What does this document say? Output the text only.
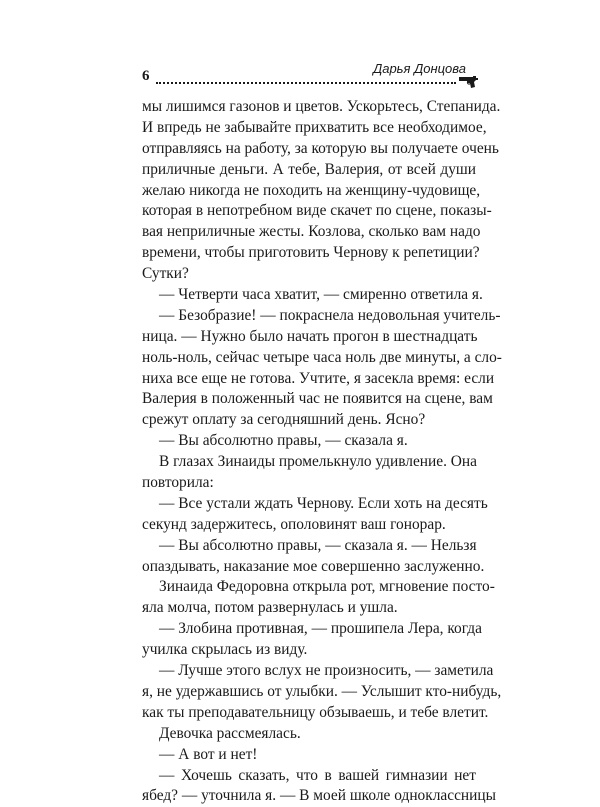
6	Дарья Донцова
мы лишимся газонов и цветов. Ускорьтесь, Степанида.
И впредь не забывайте прихватить все необходимое,
отправляясь на работу, за которую вы получаете очень
приличные деньги. А тебе, Валерия, от всей души
желаю никогда не походить на женщину-чудовище,
которая в непотребном виде скачет по сцене, показы-
вая неприличные жесты. Козлова, сколько вам надо
времени, чтобы приготовить Чернову к репетиции?
Сутки?
— Четверти часа хватит, — смиренно ответила я.
— Безобразие! — покраснела недовольная учитель-
ница. — Нужно было начать прогон в шестнадцать
ноль-ноль, сейчас четыре часа ноль две минуты, а сло-
ниха все еще не готова. Учтите, я засекла время: если
Валерия в положенный час не появится на сцене, вам
срежут оплату за сегодняшний день. Ясно?
— Вы абсолютно правы, — сказала я.
В глазах Зинаиды промелькнуло удивление. Она
повторила:
— Все устали ждать Чернову. Если хоть на десять
секунд задержитесь, ополовинят ваш гонорар.
— Вы абсолютно правы, — сказала я. — Нельзя
опаздывать, наказание мое совершенно заслуженно.
Зинаида Федоровна открыла рот, мгновение посто-
яла молча, потом развернулась и ушла.
— Злобина противная, — прошипела Лера, когда
училка скрылась из виду.
— Лучше этого вслух не произносить, — заметила
я, не удержавшись от улыбки. — Услышит кто-нибудь,
как ты преподавательницу обзываешь, и тебе влетит.
Девочка рассмеялась.
— А вот и нет!
— Хочешь сказать, что в вашей гимназии нет
ябед? — уточнила я. — В моей школе одноклассницы
